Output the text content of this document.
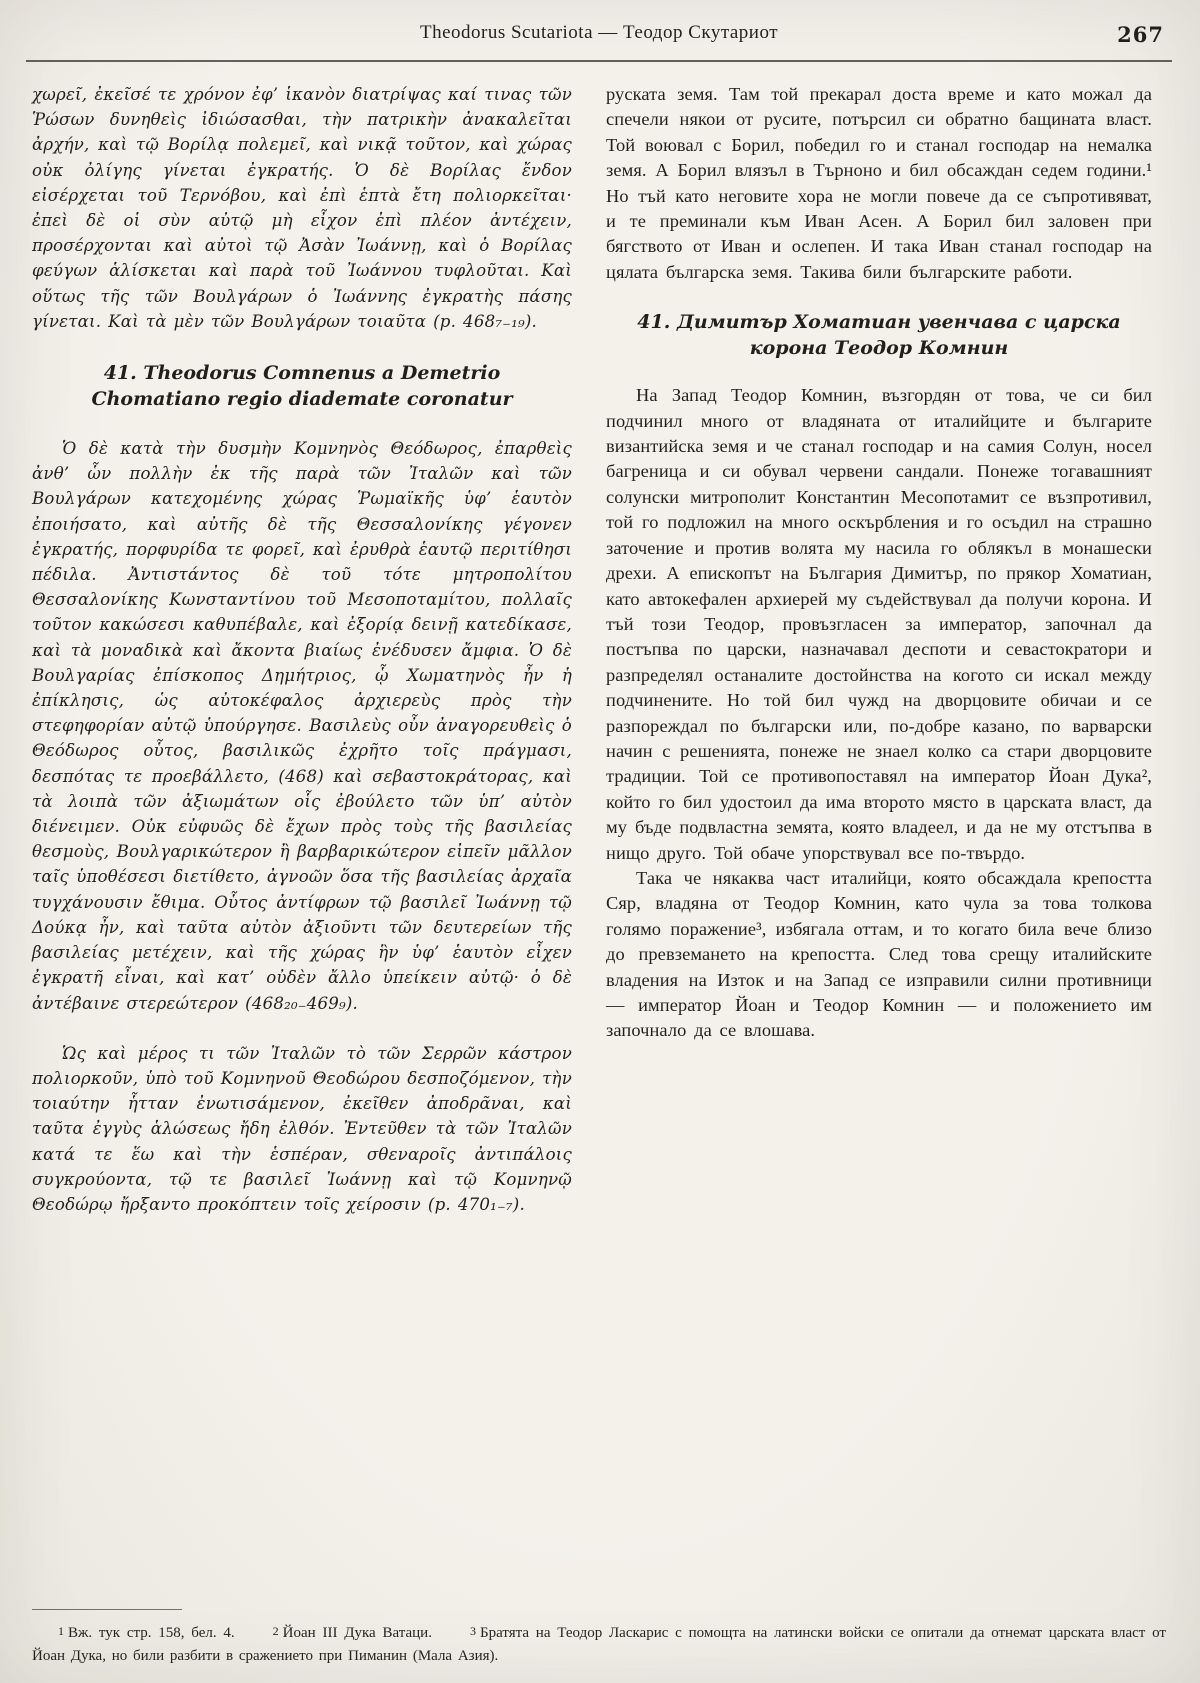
Theodorus Scutariota — Теодор Скутариот	267

χωρεῖ, ἐκεῖσέ τε χρόνον ἐφ’ ἱκανὸν διατρίψας καί τινας τῶν Ῥώσων δυνηθεὶς ἰδιώσασθαι, τὴν πατρικὴν ἀνακαλεῖται ἀρχήν, καὶ τῷ Βορίλᾳ πολεμεῖ, καὶ νικᾷ τοῦτον, καὶ χώρας οὐκ ὀλίγης γίνεται ἐγκρατής. Ὁ δὲ Βορίλας ἔνδον εἰσέρχεται τοῦ Τερνόβου, καὶ ἐπὶ ἑπτὰ ἔτη πολιορκεῖται· ἐπεὶ δὲ οἱ σὺν αὐτῷ μὴ εἶχον ἐπὶ πλέον ἀντέχειν, προσέρχονται καὶ αὐτοὶ τῷ Ἀσὰν Ἰωάννῃ, καὶ ὁ Βορίλας φεύγων ἁλίσκεται καὶ παρὰ τοῦ Ἰωάννου τυφλοῦται. Καὶ οὕτως τῆς τῶν Βουλγάρων ὁ Ἰωάννης ἐγκρατὴς πάσης γίνεται. Καὶ τὰ μὲν τῶν Βουλγάρων τοιαῦτα (p. 468₇₋₁₉).

41. Theodorus Comnenus a Demetrio Chomatiano regio diademate coronatur

Ὁ δὲ κατὰ τὴν δυσμὴν Κομνηνὸς Θεόδωρος, ἐπαρθεὶς ἀνθ’ ὧν πολλὴν ἐκ τῆς παρὰ τῶν Ἰταλῶν καὶ τῶν Βουλγάρων κατεχομένης χώρας Ῥωμαϊκῆς ὑφ’ ἑαυτὸν ἐποιήσατο, καὶ αὐτῆς δὲ τῆς Θεσσαλονίκης γέγονεν ἐγκρατής, πορφυρίδα τε φορεῖ, καὶ ἐρυθρὰ ἑαυτῷ περιτίθησι πέδιλα. Ἀντιστάντος δὲ τοῦ τότε μητροπολίτου Θεσσαλονίκης Κωνσταντίνου τοῦ Μεσοποταμίτου, πολλαῖς τοῦτον κακώσεσι καθυπέβαλε, καὶ ἐξορίᾳ δεινῇ κατεδίκασε, καὶ τὰ μοναδικὰ καὶ ἄκοντα βιαίως ἐνέδυσεν ἄμφια. Ὁ δὲ Βουλγαρίας ἐπίσκοπος Δημήτριος, ᾧ Χωματηνὸς ἦν ἡ ἐπίκλησις, ὡς αὐτοκέφαλος ἀρχιερεὺς πρὸς τὴν στεφηφορίαν αὐτῷ ὑπούργησε. Βασιλεὺς οὖν ἀναγορευθεὶς ὁ Θεόδωρος οὗτος, βασιλικῶς ἐχρῆτο τοῖς πράγμασι, δεσπότας τε προεβάλλετο, (468) καὶ σεβαστοκράτορας, καὶ τὰ λοιπὰ τῶν ἀξιωμάτων οἷς ἐβούλετο τῶν ὑπ’ αὐτὸν διένειμεν. Οὐκ εὐφυῶς δὲ ἔχων πρὸς τοὺς τῆς βασιλείας θεσμοὺς, Βουλγαρικώτερον ἢ βαρβαρικώτερον εἰπεῖν μᾶλλον ταῖς ὑποθέσεσι διετίθετο, ἀγνοῶν ὅσα τῆς βασιλείας ἀρχαῖα τυγχάνουσιν ἔθιμα. Οὗτος ἀντίφρων τῷ βασιλεῖ Ἰωάννῃ τῷ Δούκᾳ ἦν, καὶ ταῦτα αὐτὸν ἀξιοῦντι τῶν δευτερείων τῆς βασιλείας μετέχειν, καὶ τῆς χώρας ἣν ὑφ’ ἑαυτὸν εἶχεν ἐγκρατῆ εἶναι, καὶ κατ’ οὐδὲν ἄλλο ὑπείκειν αὐτῷ· ὁ δὲ ἀντέβαινε στερεώτερον (468₂₀₋469₉).

Ὡς καὶ μέρος τι τῶν Ἰταλῶν τὸ τῶν Σερρῶν κάστρον πολιορκοῦν, ὑπὸ τοῦ Κομνηνοῦ Θεοδώρου δεσποζόμενον, τὴν τοιαύτην ἧτταν ἐνωτισάμενον, ἐκεῖθεν ἀποδρᾶναι, καὶ ταῦτα ἐγγὺς ἁλώσεως ἤδη ἐλθόν. Ἐντεῦθεν τὰ τῶν Ἰταλῶν κατά τε ἕω καὶ τὴν ἑσπέραν, σθεναροῖς ἀντιπάλοις συγκρούοντα, τῷ τε βασιλεῖ Ἰωάννῃ καὶ τῷ Κομνηνῷ Θεοδώρῳ ἤρξαντο προκόπτειν τοῖς χείροσιν (p. 470₁₋₇).

руската земя. Там той прекарал доста време и като можал да спечели някои от русите, потърсил си обратно бащината власт. Той воювал с Борил, победил го и станал господар на немалка земя. А Борил влязъл в Търноно и бил обсаждан седем години.¹ Но тъй като неговите хора не могли повече да се съпротивяват, и те преминали към Иван Асен. А Борил бил заловен при бягството от Иван и ослепен. И така Иван станал господар на цялата българска земя. Такива били българските работи.

41. Димитър Хоматиан увенчава с царска корона Теодор Комнин

На Запад Теодор Комнин, възгордян от това, че си бил подчинил много от владяната от италийците и българите византийска земя и че станал господар и на самия Солун, носел багреница и си обувал червени сандали. Понеже тогавашният солунски митрополит Константин Месопотамит се възпротивил, той го подложил на много оскърбления и го осъдил на страшно заточение и против волята му насила го облякъл в монашески дрехи. А епископът на България Димитър, по прякор Хоматиан, като автокефален архиерей му съдействувал да получи корона. И тъй този Теодор, провъзгласен за император, започнал да постъпва по царски, назначавал деспоти и севастократори и разпределял останалите достойнства на когото си искал между подчинените. Но той бил чужд на дворцовите обичаи и се разпореждал по български или, по-добре казано, по варварски начин с решенията, понеже не знаел колко са стари дворцовите традиции. Той се противопоставял на император Йоан Дука², който го бил удостоил да има второто място в царската власт, да му бъде подвластна земята, която владеел, и да не му отстъпва в нищо друго. Той обаче упорствувал все по-твърдо.

Така че някаква част италийци, която обсаждала крепостта Сяр, владяна от Теодор Комнин, като чула за това толкова голямо поражение³, избягала оттам, и то когато била вече близо до превземането на крепостта. След това срещу италийските владения на Изток и на Запад се изправили силни противници — император Йоан и Теодор Комнин — и положението им започнало да се влошава.

$^1$ Вж. тук стр. 158, бел. 4.	$^2$ Йоан III Дука Ватаци.	$^3$ Братята на Теодор Ласкарис с помощта на латински войски се опитали да отнемат царската власт от Йоан Дука, но били разбити в сражението при Пиманин (Мала Азия).
